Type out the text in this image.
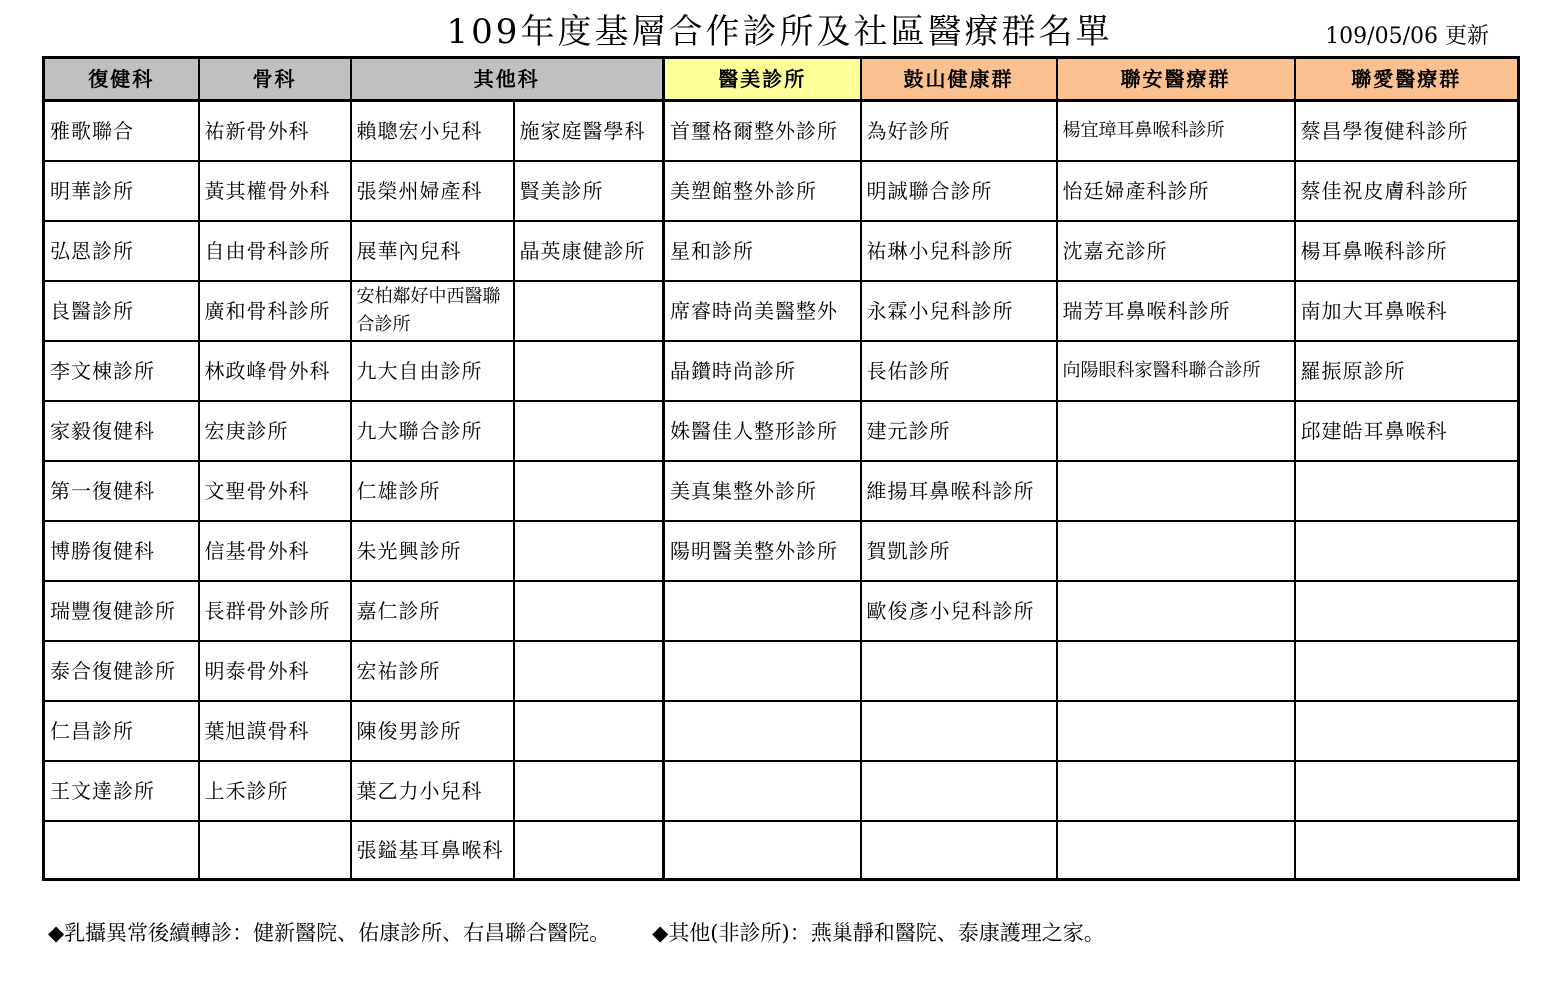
109年度基層合作診所及社區醫療群名單	109/05/06 更新
復健科	骨科	其他科		醫美診所	鼓山健康群	聯安醫療群	聯愛醫療群
雅歌聯合	祐新骨外科	賴聰宏小兒科	施家庭醫學科	首璽格爾整外診所	為好診所	楊宜璋耳鼻喉科診所	蔡昌學復健科診所
明華診所	黃其權骨外科	張榮州婦產科	賢美診所	美塑館整外診所	明誠聯合診所	怡廷婦產科診所	蔡佳祝皮膚科診所
弘恩診所	自由骨科診所	展華內兒科	晶英康健診所	星和診所	祐琳小兒科診所	沈嘉充診所	楊耳鼻喉科診所
良醫診所	廣和骨科診所	安柏鄰好中西醫聯合診所		席睿時尚美醫整外	永霖小兒科診所	瑞芳耳鼻喉科診所	南加大耳鼻喉科
李文棟診所	林政峰骨外科	九大自由診所		晶鑽時尚診所	長佑診所	向陽眼科家醫科聯合診所	羅振原診所
家毅復健科	宏庚診所	九大聯合診所		姝醫佳人整形診所	建元診所		邱建皓耳鼻喉科
第一復健科	文聖骨外科	仁雄診所		美真集整外診所	維揚耳鼻喉科診所		
博勝復健科	信基骨外科	朱光興診所		陽明醫美整外診所	賀凱診所		
瑞豐復健診所	長群骨外診所	嘉仁診所			歐俊彥小兒科診所		
泰合復健診所	明泰骨外科	宏祐診所					
仁昌診所	葉旭謨骨科	陳俊男診所					
王文達診所	上禾診所	葉乙力小兒科					
		張鎰基耳鼻喉科					
◆乳攝異常後續轉診：健新醫院、佑康診所、右昌聯合醫院。 ◆其他(非診所)：燕巢靜和醫院、泰康護理之家。
